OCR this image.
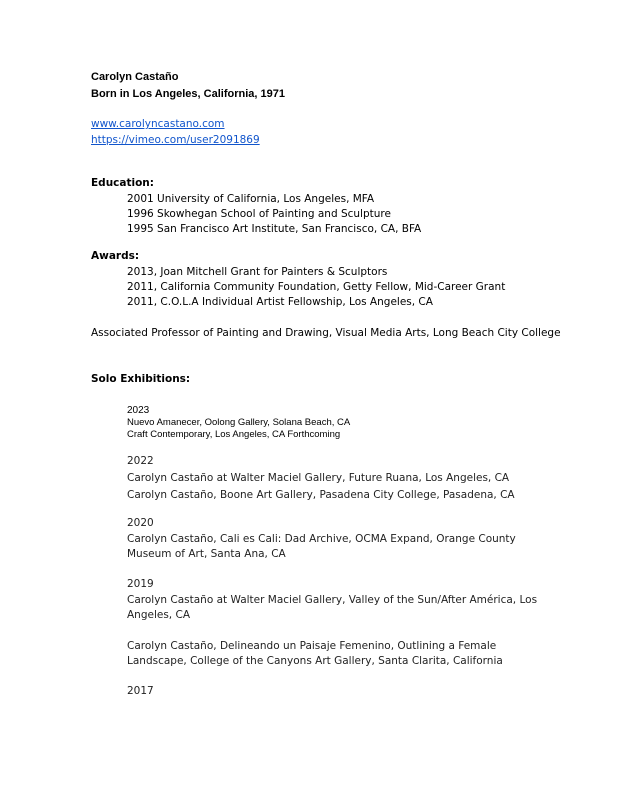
Carolyn Castaño
Born in Los Angeles, California, 1971
www.carolyncastano.com
https://vimeo.com/user2091869
Education:
2001 University of California, Los Angeles, MFA
1996 Skowhegan School of Painting and Sculpture
1995 San Francisco Art Institute, San Francisco, CA, BFA
Awards:
2013, Joan Mitchell Grant for Painters & Sculptors
2011, California Community Foundation, Getty Fellow, Mid-Career Grant
2011, C.O.L.A Individual Artist Fellowship, Los Angeles, CA
Associated Professor of Painting and Drawing, Visual Media Arts, Long Beach City College
Solo Exhibitions:
2023
Nuevo Amanecer, Oolong Gallery, Solana Beach, CA
Craft Contemporary, Los Angeles, CA Forthcoming
2022
Carolyn Castaño at Walter Maciel Gallery, Future Ruana, Los Angeles, CA
Carolyn Castaño, Boone Art Gallery, Pasadena City College, Pasadena, CA
2020
Carolyn Castaño, Cali es Cali: Dad Archive, OCMA Expand, Orange County
Museum of Art, Santa Ana, CA
2019
Carolyn Castaño at Walter Maciel Gallery, Valley of the Sun/After América, Los
Angeles, CA
Carolyn Castaño, Delineando un Paisaje Femenino, Outlining a Female
Landscape, College of the Canyons Art Gallery, Santa Clarita, California
2017
